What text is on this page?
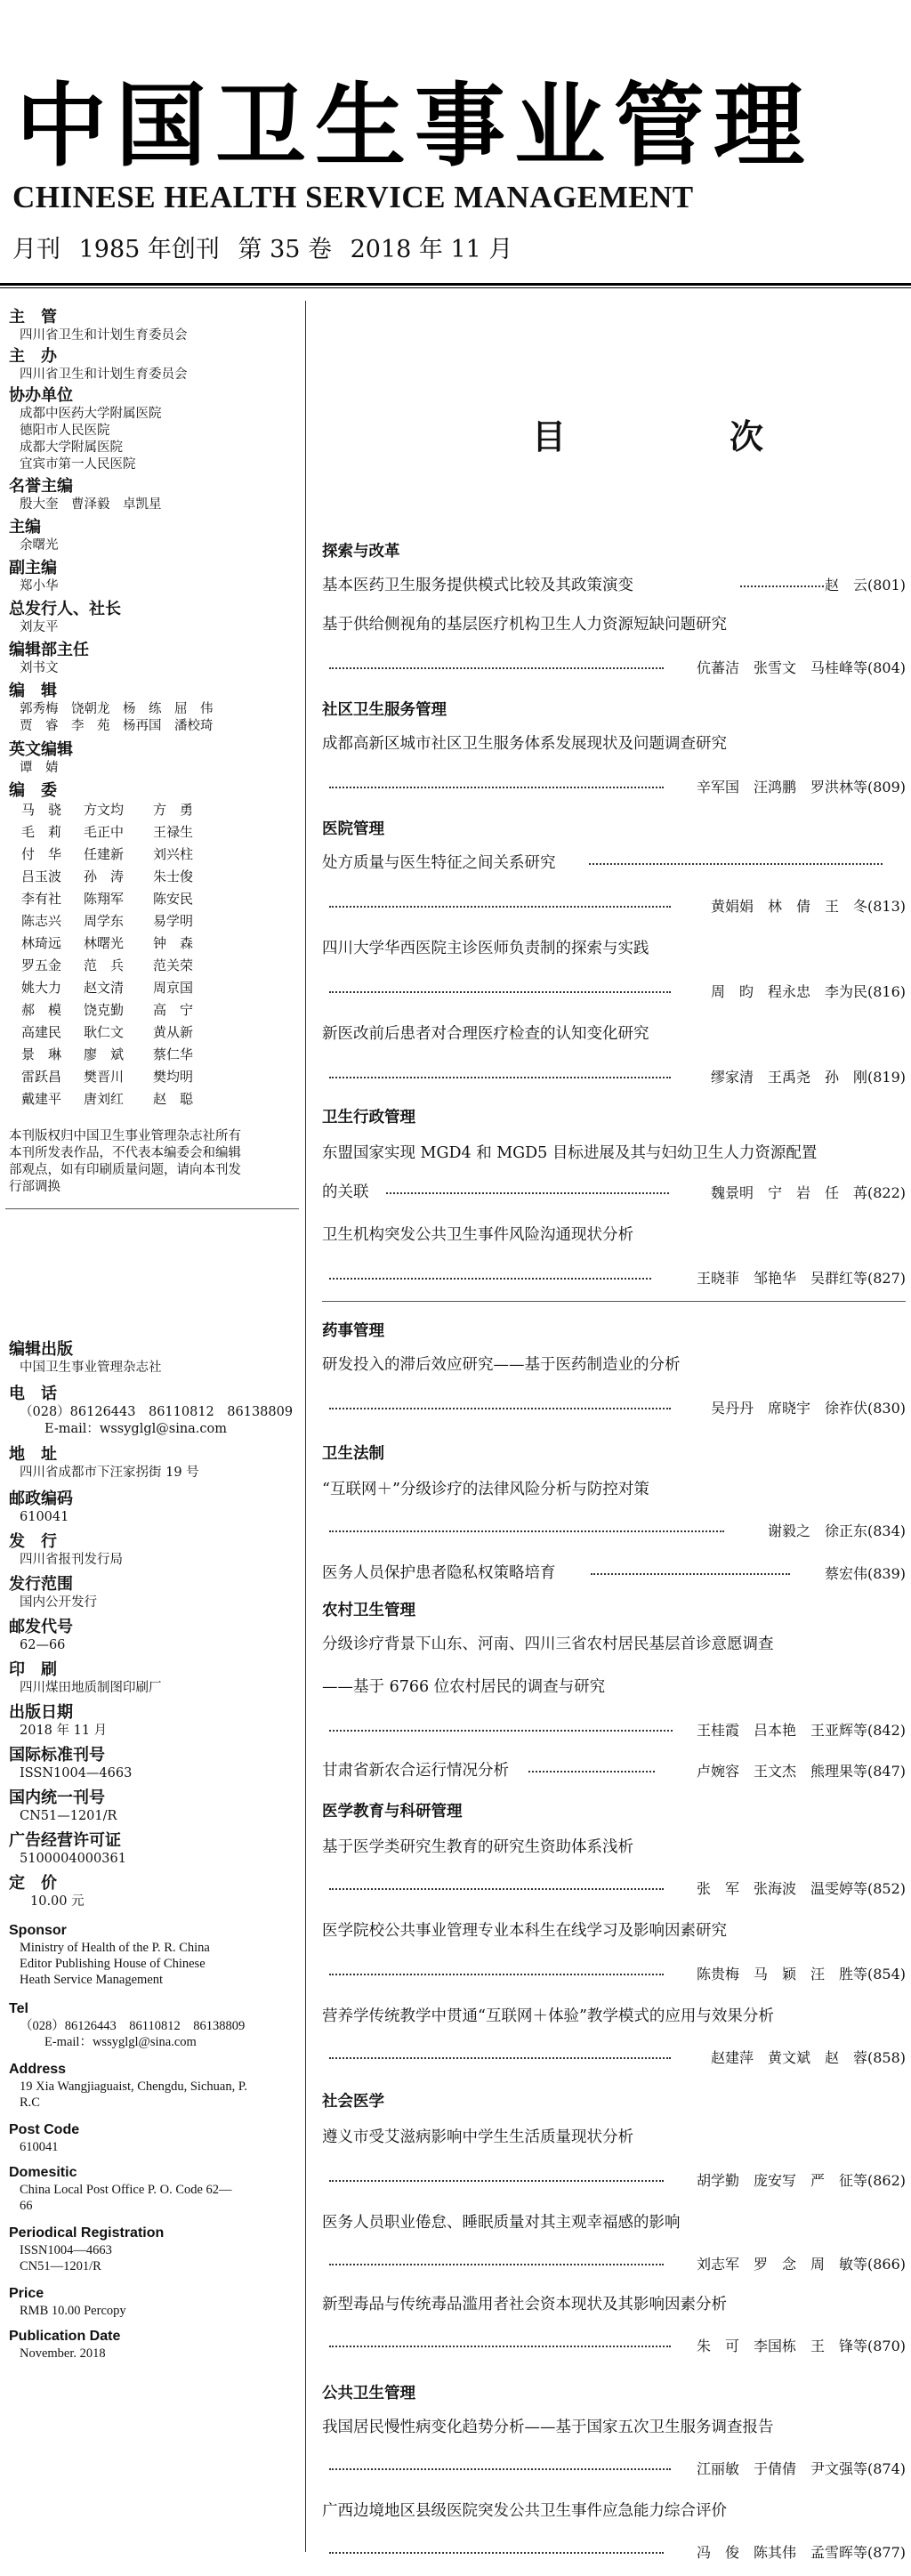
中国卫生事业管理
CHINESE HEALTH SERVICE MANAGEMENT
月刊 1985 年创刊 第 35 卷 2018 年 11 月
主　管
四川省卫生和计划生育委员会
主　办
四川省卫生和计划生育委员会
协办单位
成都中医药大学附属医院
德阳市人民医院
成都大学附属医院
宜宾市第一人民医院
名誉主编
殷大奎　曹泽毅　卓凯星
主编
余曙光
副主编
郑小华
总发行人、社长
刘友平
编辑部主任
刘书文
编　辑
郭秀梅　饶朝龙　杨　练　屈　伟
贾　睿　李　苑　杨再国　潘校琦
英文编辑
谭　婧
编　委
马　骁	方文均	方　勇
毛　莉	毛正中	王禄生
付　华	任建新	刘兴柱
吕玉波	孙　涛	朱士俊
李有社	陈翔军	陈安民
陈志兴	周学东	易学明
林琦远	林曙光	钟　森
罗五金	范　兵	范关荣
姚大力	赵文清	周京国
郝　模	饶克勤	高　宁
高建民	耿仁文	黄从新
景　琳	廖　斌	蔡仁华
雷跃昌	樊晋川	樊均明
戴建平	唐刘红	赵　聪
本刊版权归中国卫生事业管理杂志社所有
本刊所发表作品，不代表本编委会和编辑
部观点，如有印刷质量问题，请向本刊发
行部调换
编辑出版
中国卫生事业管理杂志社
电　话
（028）86126443　86110812　86138809
E-mail：wssyglgl@sina.com
地　址
四川省成都市下汪家拐街 19 号
邮政编码
610041
发　行
四川省报刊发行局
发行范围
国内公开发行
邮发代号
62—66
印　刷
四川煤田地质制图印刷厂
出版日期
2018 年 11 月
国际标准刊号
ISSN1004—4663
国内统一刊号
CN51—1201/R
广告经营许可证
5100004000361
定　价
10.00 元
Sponsor
Ministry of Health of the P. R. China
Editor Publishing House of Chinese
Heath Service Management
Tel
（028）86126443　86110812　86138809
E-mail：wssyglgl@sina.com
Address
19 Xia Wangjiaguaist, Chengdu, Sichuan, P.
R.C
Post Code
610041
Domesitic
China Local Post Office P. O. Code 62—
66
Periodical Registration
ISSN1004—4663
CN51—1201/R
Price
RMB 10.00 Percopy
Publication Date
November. 2018
目	次
探索与改革
基本医药卫生服务提供模式比较及其政策演变	赵　云(801)
基于供给侧视角的基层医疗机构卫生人力资源短缺问题研究
伉蕃洁　张雪文　马桂峰等(804)
社区卫生服务管理
成都高新区城市社区卫生服务体系发展现状及问题调查研究
辛军国　汪鸿鹏　罗洪林等(809)
医院管理
处方质量与医生特征之间关系研究
黄娟娟　林　倩　王　冬(813)
四川大学华西医院主诊医师负责制的探索与实践
周　昀　程永忠　李为民(816)
新医改前后患者对合理医疗检查的认知变化研究
缪家清　王禹尧　孙　刚(819)
卫生行政管理
东盟国家实现 MGD4 和 MGD5 目标进展及其与妇幼卫生人力资源配置
的关联	魏景明　宁　岩　任　苒(822)
卫生机构突发公共卫生事件风险沟通现状分析
王晓菲　邹艳华　吴群红等(827)
药事管理
研发投入的滞后效应研究——基于医药制造业的分析
吴丹丹　席晓宇　徐祚伏(830)
卫生法制
“互联网＋”分级诊疗的法律风险分析与防控对策
谢毅之　徐正东(834)
医务人员保护患者隐私权策略培育	蔡宏伟(839)
农村卫生管理
分级诊疗背景下山东、河南、四川三省农村居民基层首诊意愿调查
——基于 6766 位农村居民的调查与研究
王桂霞　吕本艳　王亚辉等(842)
甘肃省新农合运行情况分析	卢婉容　王文杰　熊理果等(847)
医学教育与科研管理
基于医学类研究生教育的研究生资助体系浅析
张　军　张海波　温雯婷等(852)
医学院校公共事业管理专业本科生在线学习及影响因素研究
陈贵梅　马　颖　汪　胜等(854)
营养学传统教学中贯通“互联网＋体验”教学模式的应用与效果分析
赵建萍　黄文斌　赵　蓉(858)
社会医学
遵义市受艾滋病影响中学生生活质量现状分析
胡学勤　庞安写　严　征等(862)
医务人员职业倦怠、睡眠质量对其主观幸福感的影响
刘志军　罗　念　周　敏等(866)
新型毒品与传统毒品滥用者社会资本现状及其影响因素分析
朱　可　李国栋　王　锋等(870)
公共卫生管理
我国居民慢性病变化趋势分析——基于国家五次卫生服务调查报告
江丽敏　于倩倩　尹文强等(874)
广西边境地区县级医院突发公共卫生事件应急能力综合评价
冯　俊　陈其伟　孟雪晖等(877)
